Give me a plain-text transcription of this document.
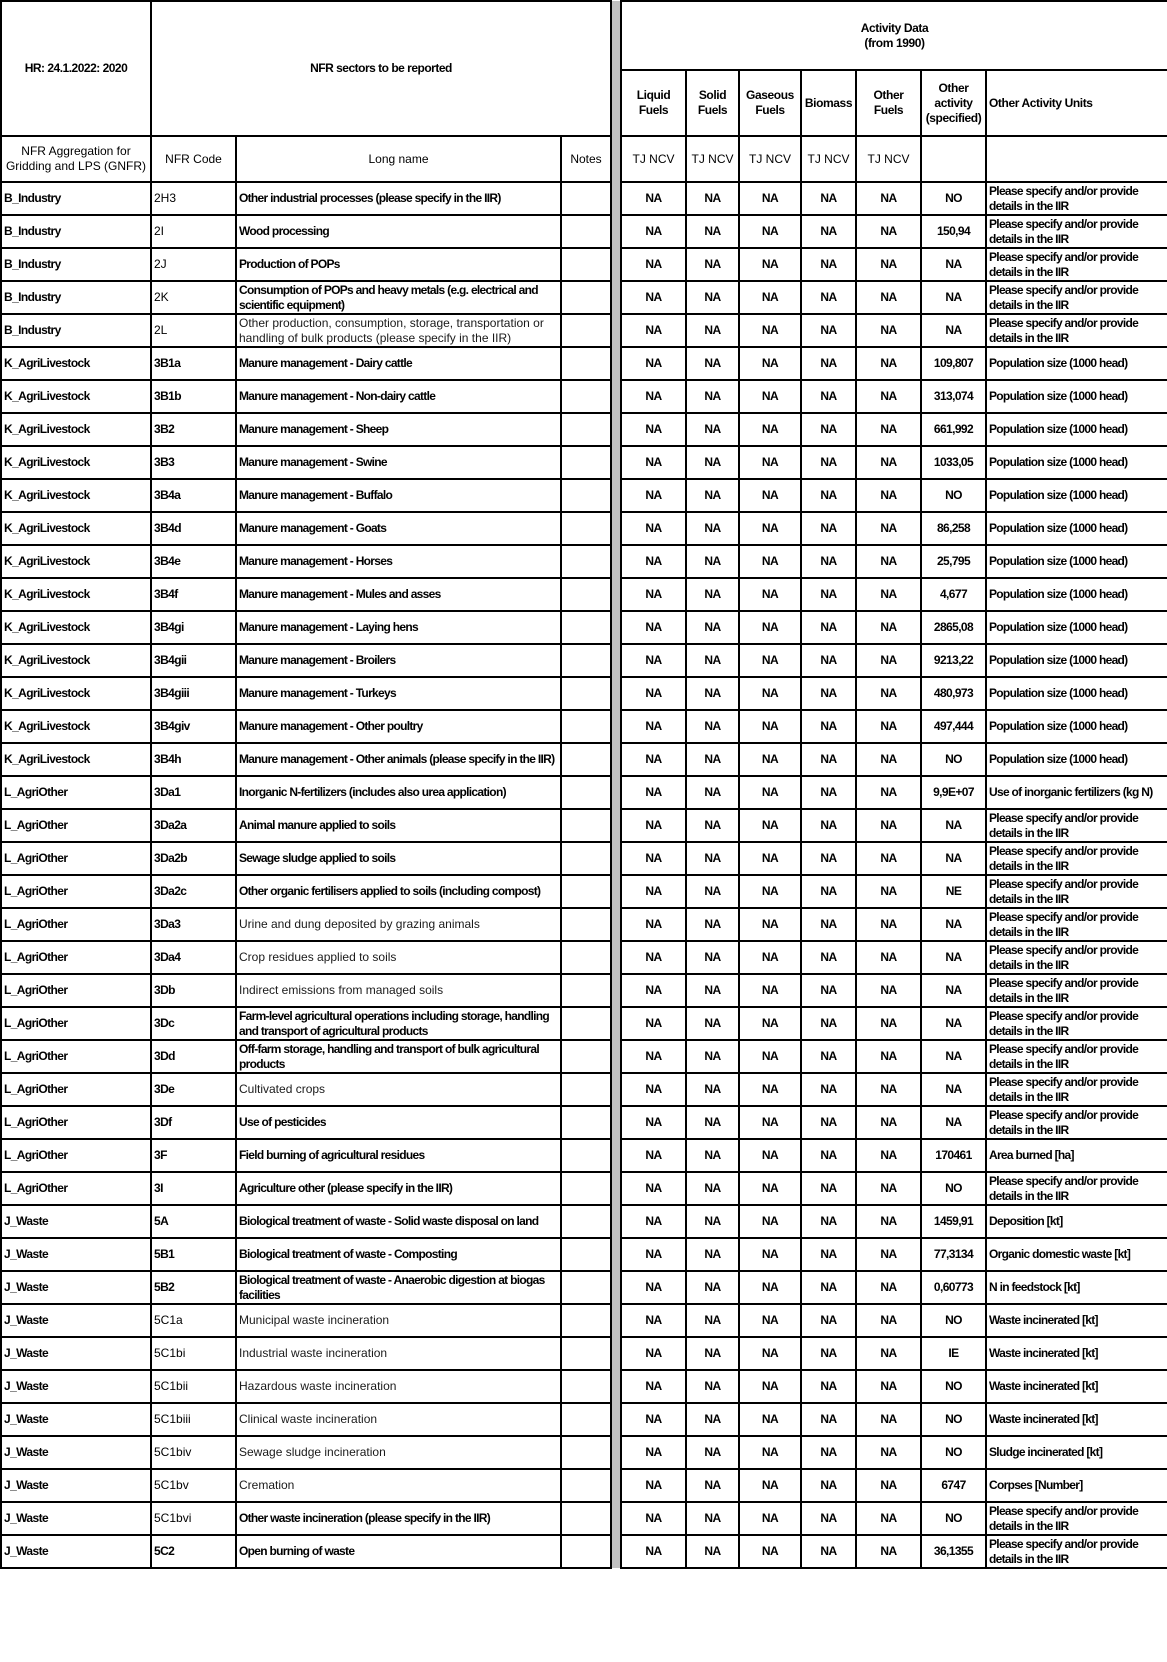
HR: 24.1.2022: 2020	NFR sectors to be reported				Activity Data
(from 1990)						

					Liquid Fuels	Solid Fuels	Gaseous Fuels	Biomass	Other Fuels	Other activity (specified)	Other Activity Units
NFR Aggregation for Gridding and LPS (GNFR)	NFR Code	Long name	Notes		TJ NCV	TJ NCV	TJ NCV	TJ NCV	TJ NCV		
B_Industry	2H3	Other industrial processes (please specify in the IIR)			NA	NA	NA	NA	NA	NO	Please specify and/or provide details in the IIR
B_Industry	2I	Wood processing			NA	NA	NA	NA	NA	150,94	Please specify and/or provide details in the IIR
B_Industry	2J	Production of POPs			NA	NA	NA	NA	NA	NA	Please specify and/or provide details in the IIR
B_Industry	2K	Consumption of POPs and heavy metals (e.g. electrical and scientific equipment)			NA	NA	NA	NA	NA	NA	Please specify and/or provide details in the IIR
B_Industry	2L	Other production, consumption, storage, transportation or handling of bulk products (please specify in the IIR)			NA	NA	NA	NA	NA	NA	Please specify and/or provide details in the IIR
K_AgriLivestock	3B1a	Manure management - Dairy cattle			NA	NA	NA	NA	NA	109,807	Population size (1000 head)
K_AgriLivestock	3B1b	Manure management - Non-dairy cattle			NA	NA	NA	NA	NA	313,074	Population size (1000 head)
K_AgriLivestock	3B2	Manure management - Sheep			NA	NA	NA	NA	NA	661,992	Population size (1000 head)
K_AgriLivestock	3B3	Manure management - Swine			NA	NA	NA	NA	NA	1033,05	Population size (1000 head)
K_AgriLivestock	3B4a	Manure management - Buffalo			NA	NA	NA	NA	NA	NO	Population size (1000 head)
K_AgriLivestock	3B4d	Manure management - Goats			NA	NA	NA	NA	NA	86,258	Population size (1000 head)
K_AgriLivestock	3B4e	Manure management - Horses			NA	NA	NA	NA	NA	25,795	Population size (1000 head)
K_AgriLivestock	3B4f	Manure management - Mules and asses			NA	NA	NA	NA	NA	4,677	Population size (1000 head)
K_AgriLivestock	3B4gi	Manure management - Laying hens			NA	NA	NA	NA	NA	2865,08	Population size (1000 head)
K_AgriLivestock	3B4gii	Manure management - Broilers			NA	NA	NA	NA	NA	9213,22	Population size (1000 head)
K_AgriLivestock	3B4giii	Manure management - Turkeys			NA	NA	NA	NA	NA	480,973	Population size (1000 head)
K_AgriLivestock	3B4giv	Manure management - Other poultry			NA	NA	NA	NA	NA	497,444	Population size (1000 head)
K_AgriLivestock	3B4h	Manure management - Other animals (please specify in the IIR)			NA	NA	NA	NA	NA	NO	Population size (1000 head)
L_AgriOther	3Da1	Inorganic N-fertilizers (includes also urea application)			NA	NA	NA	NA	NA	9,9E+07	Use of inorganic fertilizers (kg N)
L_AgriOther	3Da2a	Animal manure applied to soils			NA	NA	NA	NA	NA	NA	Please specify and/or provide details in the IIR
L_AgriOther	3Da2b	Sewage sludge applied to soils			NA	NA	NA	NA	NA	NA	Please specify and/or provide details in the IIR
L_AgriOther	3Da2c	Other organic fertilisers applied to soils (including compost)			NA	NA	NA	NA	NA	NE	Please specify and/or provide details in the IIR
L_AgriOther	3Da3	Urine and dung deposited by grazing animals			NA	NA	NA	NA	NA	NA	Please specify and/or provide details in the IIR
L_AgriOther	3Da4	Crop residues applied to soils			NA	NA	NA	NA	NA	NA	Please specify and/or provide details in the IIR
L_AgriOther	3Db	Indirect emissions from managed soils			NA	NA	NA	NA	NA	NA	Please specify and/or provide details in the IIR
L_AgriOther	3Dc	Farm-level agricultural operations including storage, handling and transport of agricultural products			NA	NA	NA	NA	NA	NA	Please specify and/or provide details in the IIR
L_AgriOther	3Dd	Off-farm storage, handling and transport of bulk agricultural products			NA	NA	NA	NA	NA	NA	Please specify and/or provide details in the IIR
L_AgriOther	3De	Cultivated crops			NA	NA	NA	NA	NA	NA	Please specify and/or provide details in the IIR
L_AgriOther	3Df	Use of pesticides			NA	NA	NA	NA	NA	NA	Please specify and/or provide details in the IIR
L_AgriOther	3F	Field burning of agricultural residues			NA	NA	NA	NA	NA	170461	Area burned [ha]
L_AgriOther	3I	Agriculture other (please specify in the IIR)			NA	NA	NA	NA	NA	NO	Please specify and/or provide details in the IIR
J_Waste	5A	Biological treatment of waste - Solid waste disposal on land			NA	NA	NA	NA	NA	1459,91	Deposition [kt]
J_Waste	5B1	Biological treatment of waste - Composting			NA	NA	NA	NA	NA	77,3134	Organic domestic waste [kt]
J_Waste	5B2	Biological treatment of waste - Anaerobic digestion at biogas facilities			NA	NA	NA	NA	NA	0,60773	N in feedstock [kt]
J_Waste	5C1a	Municipal waste incineration			NA	NA	NA	NA	NA	NO	Waste incinerated [kt]
J_Waste	5C1bi	Industrial waste incineration			NA	NA	NA	NA	NA	IE	Waste incinerated [kt]
J_Waste	5C1bii	Hazardous waste incineration			NA	NA	NA	NA	NA	NO	Waste incinerated [kt]
J_Waste	5C1biii	Clinical waste incineration			NA	NA	NA	NA	NA	NO	Waste incinerated [kt]
J_Waste	5C1biv	Sewage sludge incineration			NA	NA	NA	NA	NA	NO	Sludge incinerated [kt]
J_Waste	5C1bv	Cremation			NA	NA	NA	NA	NA	6747	Corpses [Number]
J_Waste	5C1bvi	Other waste incineration (please specify in the IIR)			NA	NA	NA	NA	NA	NO	Please specify and/or provide details in the IIR
J_Waste	5C2	Open burning of waste			NA	NA	NA	NA	NA	36,1355	Please specify and/or provide details in the IIR
